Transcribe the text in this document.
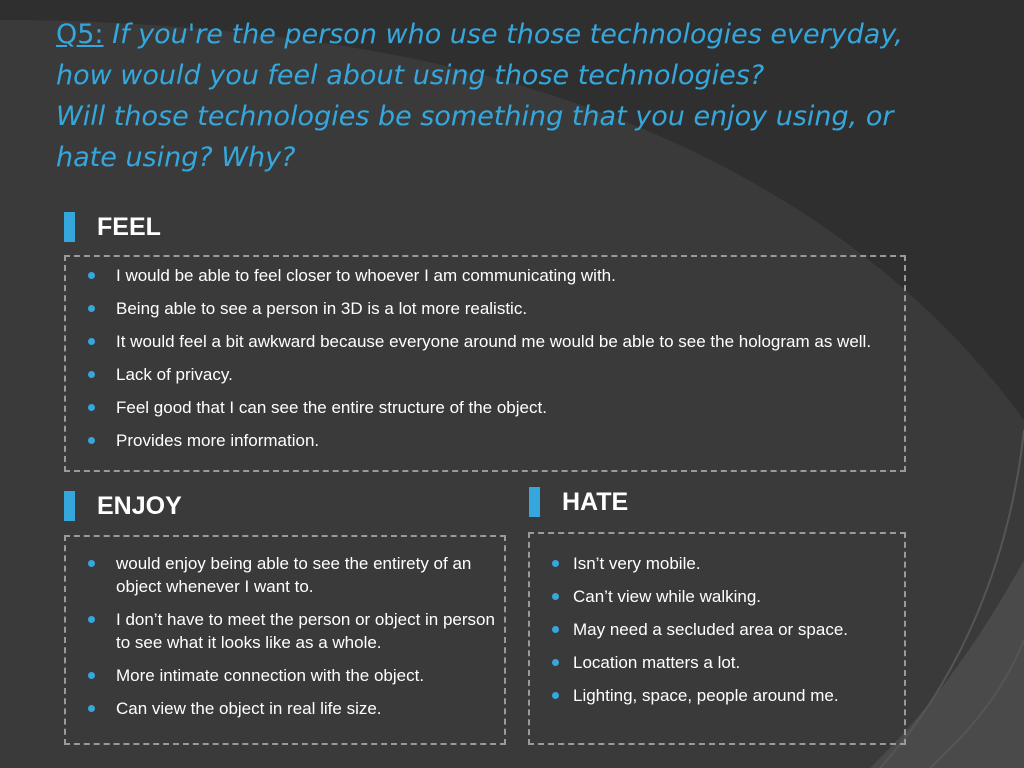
Q5: If you're the person who use those technologies everyday,
how would you feel about using those technologies?
Will those technologies be something that you enjoy using, or
hate using? Why?
FEEL
I would be able to feel closer to whoever I am communicating with.
Being able to see a person in 3D is a lot more realistic.
It would feel a bit awkward because everyone around me would be able to see the hologram as well.
Lack of privacy.
Feel good that I can see the entire structure of the object.
Provides more information.
ENJOY
would enjoy being able to see the entirety of an object whenever I want to.
I don’t have to meet the person or object in person to see what it looks like as a whole.
More intimate connection with the object.
Can view the object in real life size.
HATE
Isn’t very mobile.
Can’t view while walking.
May need a secluded area or space.
Location matters a lot.
Lighting, space, people around me.
